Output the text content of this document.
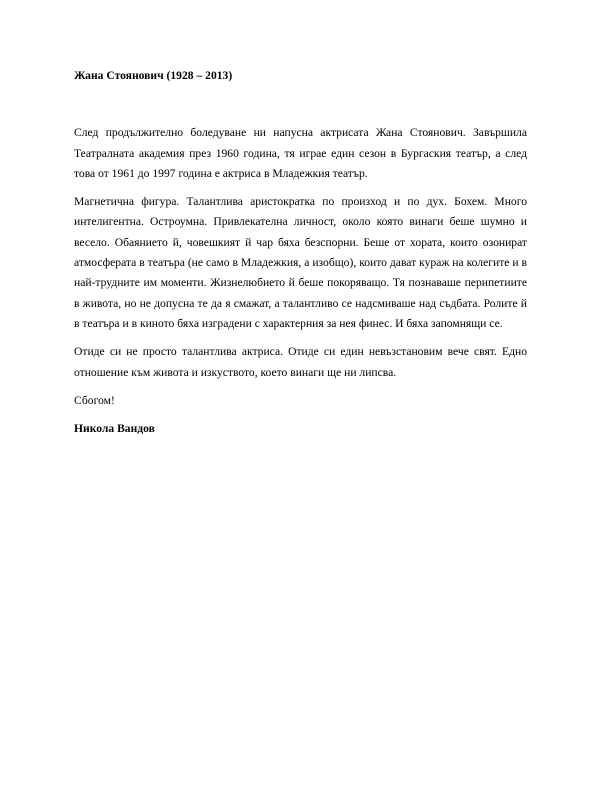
Жана Стоянович (1928 – 2013)

След продължително боледуване ни напусна актрисата Жана Стоянович. Завършила Театралната академия през 1960 година, тя играе един сезон в Бургаския театър, а след това от 1961 до 1997 година е актриса в Младежкия театър.

Магнетична фигура. Талантлива аристократка по произход и по дух. Бохем. Много интелигентна. Остроумна. Привлекателна личност, около която винаги беше шумно и весело. Обаянието й, човешкият й чар бяха безспорни. Беше от хората, които озонират атмосферата в театъра (не само в Младежкия, а изобщо), които дават кураж на колегите и в най-трудните им моменти. Жизнелюбието й беше покоряващо. Тя познаваше перипетиите в живота, но не допусна те да я смажат, а талантливо се надсмиваше над съдбата. Ролите й в театъра и в киното бяха изградени с характерния за нея финес. И бяха запомнящи се.

Отиде си не просто талантлива актриса. Отиде си един невъзстановим вече свят. Едно отношение към живота и изкуството, което винаги ще ни липсва.

Сбогом!

Никола Вандов
